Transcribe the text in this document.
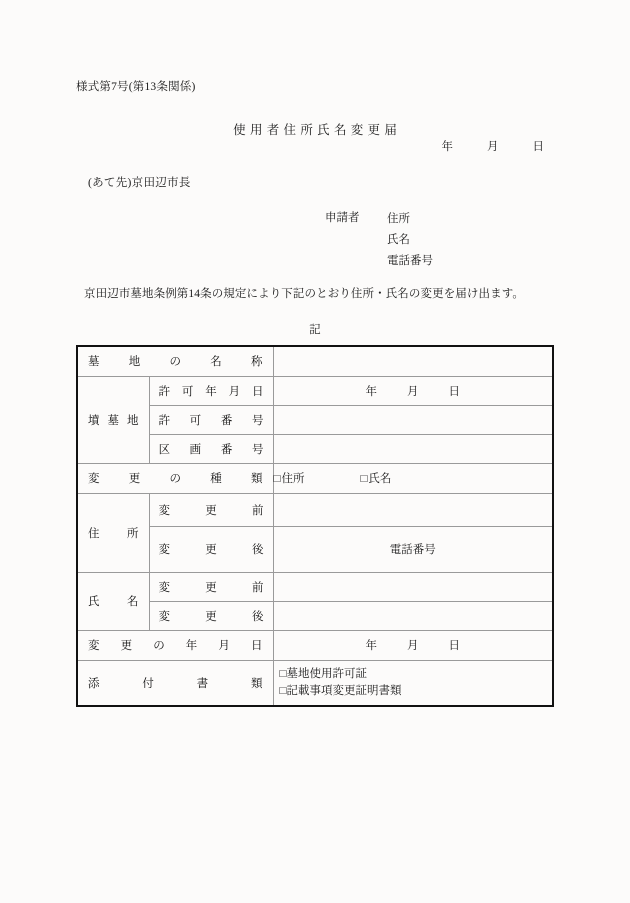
様式第7号(第13条関係)
使用者住所氏名変更届
年	月	日
(あて先)京田辺市長
申請者 住所
氏名
電話番号
京田辺市墓地条例第14条の規定により下記のとおり住所・氏名の変更を届け出ます。
記
墓地の名称		

墳墓地	許可年月日	年 月 日

	許可番号	

	区画番号	

変更の種類		□住所 □氏名

住所	変更前	

	変更後	電話番号

氏名	変更前	

	変更後	

変更の年月日		年 月 日

添付書類		□墓地使用許可証
□記載事項変更証明書類
